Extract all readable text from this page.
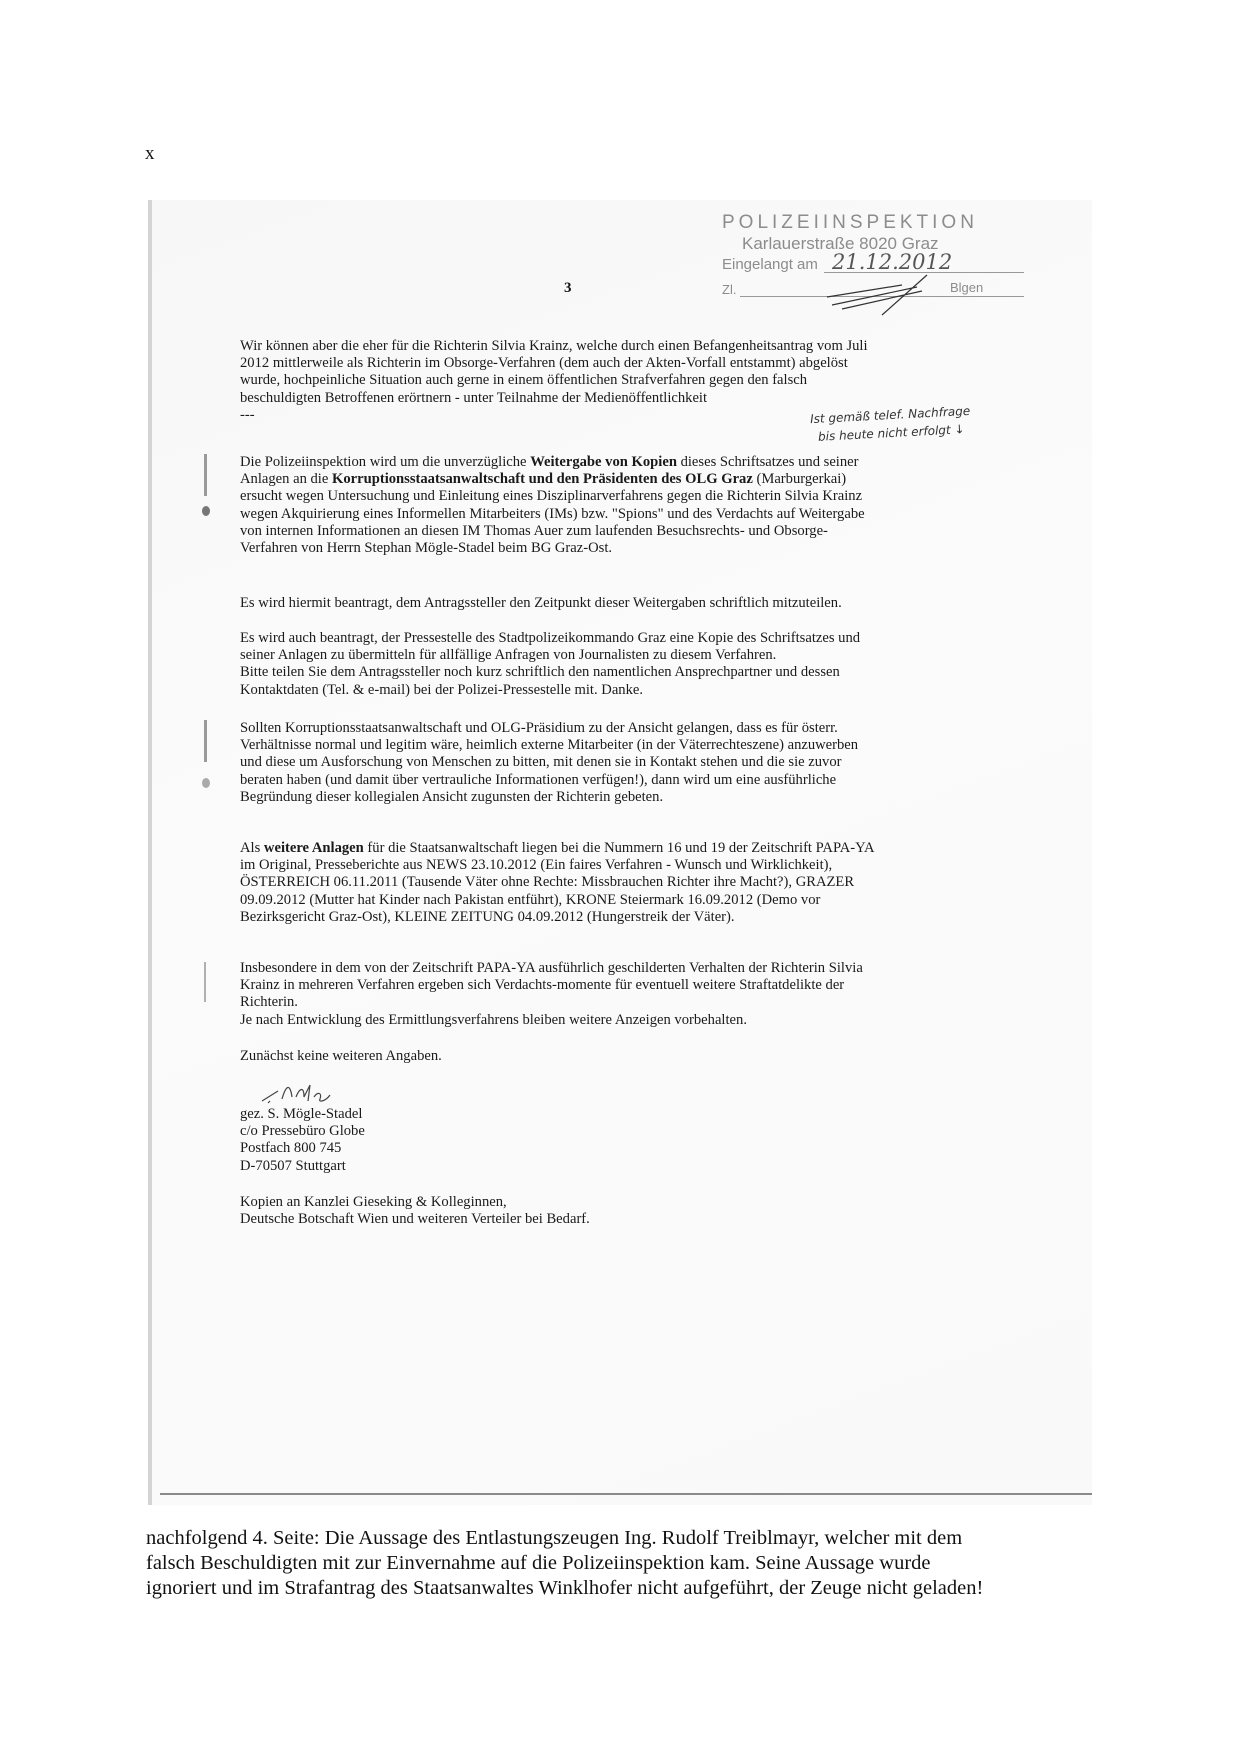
x
3
POLIZEIINSPEKTION
Karlauerstraße 8020 Graz
Eingelangt am 21.12.2012
Zl.	Blgen

Wir können aber die eher für die Richterin Silvia Krainz, welche durch einen Befangenheitsantrag vom Juli

2012 mittlerweile als Richterin im Obsorge-Verfahren (dem auch der Akten-Vorfall entstammt) abgelöst

wurde, hochpeinliche Situation auch gerne in einem öffentlichen Strafverfahren gegen den falsch

beschuldigten Betroffenen erörtnern - unter Teilnahme der Medienöffentlichkeit

---	Ist gemäß telef. Nachfrage
bis heute nicht erfolgt ↓

Die Polizeiinspektion wird um die unverzügliche Weitergabe von Kopien dieses Schriftsatzes und seiner

Anlagen an die Korruptionsstaatsanwaltschaft und den Präsidenten des OLG Graz (Marburgerkai)

ersucht wegen Untersuchung und Einleitung eines Disziplinarverfahrens gegen die Richterin Silvia Krainz

wegen Akquirierung eines Informellen Mitarbeiters (IMs) bzw. "Spions" und des Verdachts auf Weitergabe

von internen Informationen an diesen IM Thomas Auer zum laufenden Besuchsrechts- und Obsorge-

Verfahren von Herrn Stephan Mögle-Stadel beim BG Graz-Ost.

Es wird hiermit beantragt, dem Antragssteller den Zeitpunkt dieser Weitergaben schriftlich mitzuteilen.

Es wird auch beantragt, der Pressestelle des Stadtpolizeikommando Graz eine Kopie des Schriftsatzes und

seiner Anlagen zu übermitteln für allfällige Anfragen von Journalisten zu diesem Verfahren.

Bitte teilen Sie dem Antragssteller noch kurz schriftlich den namentlichen Ansprechpartner und dessen

Kontaktdaten (Tel. & e-mail) bei der Polizei-Pressestelle mit. Danke.

Sollten Korruptionsstaatsanwaltschaft und OLG-Präsidium zu der Ansicht gelangen, dass es für österr.

Verhältnisse normal und legitim wäre, heimlich externe Mitarbeiter (in der Väterrechteszene) anzuwerben

und diese um Ausforschung von Menschen zu bitten, mit denen sie in Kontakt stehen und die sie zuvor

beraten haben (und damit über vertrauliche Informationen verfügen!), dann wird um eine ausführliche

Begründung dieser kollegialen Ansicht zugunsten der Richterin gebeten.

Als weitere Anlagen für die Staatsanwaltschaft liegen bei die Nummern 16 und 19 der Zeitschrift PAPA-YA

im Original, Presseberichte aus NEWS 23.10.2012 (Ein faires Verfahren - Wunsch und Wirklichkeit),

ÖSTERREICH 06.11.2011 (Tausende Väter ohne Rechte: Missbrauchen Richter ihre Macht?), GRAZER

09.09.2012 (Mutter hat Kinder nach Pakistan entführt), KRONE Steiermark 16.09.2012 (Demo vor

Bezirksgericht Graz-Ost), KLEINE ZEITUNG 04.09.2012 (Hungerstreik der Väter).

Insbesondere in dem von der Zeitschrift PAPA-YA ausführlich geschilderten Verhalten der Richterin Silvia

Krainz in mehreren Verfahren ergeben sich Verdachts-momente für eventuell weitere Straftatdelikte der

Richterin.

Je nach Entwicklung des Ermittlungsverfahrens bleiben weitere Anzeigen vorbehalten.

Zunächst keine weiteren Angaben.

gez. S. Mögle-Stadel

c/o Pressebüro Globe

Postfach 800 745

D-70507 Stuttgart

Kopien an Kanzlei Gieseking & Kolleginnen,

Deutsche Botschaft Wien und weiteren Verteiler bei Bedarf.

nachfolgend 4. Seite: Die Aussage des Entlastungszeugen Ing. Rudolf Treiblmayr, welcher mit dem
falsch Beschuldigten mit zur Einvernahme auf die Polizeiinspektion kam. Seine Aussage wurde
ignoriert und im Strafantrag des Staatsanwaltes Winklhofer nicht aufgeführt, der Zeuge nicht geladen!
